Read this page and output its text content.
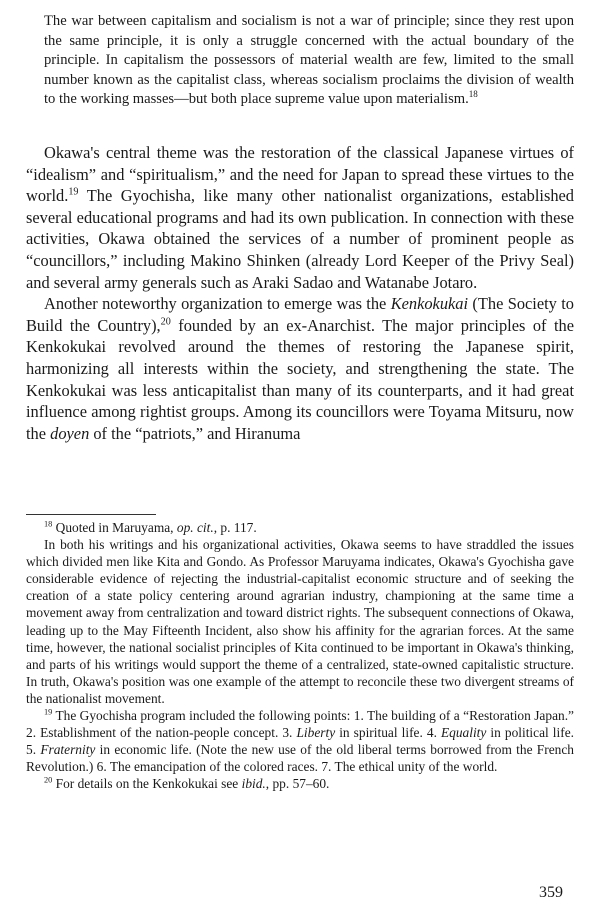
The war between capitalism and socialism is not a war of principle; since they rest upon the same principle, it is only a struggle concerned with the actual boundary of the principle. In capitalism the possessors of material wealth are few, limited to the small number known as the capitalist class, whereas socialism proclaims the division of wealth to the working masses—but both place supreme value upon materialism.$^{18}$

Okawa's central theme was the restoration of the classical Japanese virtues of “idealism” and “spiritualism,” and the need for Japan to spread these virtues to the world.$^{19}$ The Gyochisha, like many other nationalist organizations, established several educational programs and had its own publication. In connection with these activities, Okawa obtained the services of a number of prominent people as “councillors,” including Makino Shinken (already Lord Keeper of the Privy Seal) and several army generals such as Araki Sadao and Watanabe Jotaro.

Another noteworthy organization to emerge was the Kenkokukai (The Society to Build the Country),$^{20}$ founded by an ex-Anarchist. The major principles of the Kenkokukai revolved around the themes of restoring the Japanese spirit, harmonizing all interests within the society, and strengthening the state. The Kenkokukai was less anticapitalist than many of its counterparts, and it had great influence among rightist groups. Among its councillors were Toyama Mitsuru, now the doyen of the “patriots,” and Hiranuma

$^{18}$ Quoted in Maruyama, op. cit., p. 117.

In both his writings and his organizational activities, Okawa seems to have straddled the issues which divided men like Kita and Gondo. As Professor Maruyama indicates, Okawa's Gyochisha gave considerable evidence of rejecting the industrial-capitalist economic structure and of seeking the creation of a state policy centering around agrarian industry, championing at the same time a movement away from centralization and toward district rights. The subsequent connections of Okawa, leading up to the May Fifteenth Incident, also show his affinity for the agrarian forces. At the same time, however, the national socialist principles of Kita continued to be important in Okawa's thinking, and parts of his writings would support the theme of a centralized, state-owned capitalistic structure. In truth, Okawa's position was one example of the attempt to reconcile these two divergent streams of the nationalist movement.

$^{19}$ The Gyochisha program included the following points: 1. The building of a “Restoration Japan.” 2. Establishment of the nation-people concept. 3. Liberty in spiritual life. 4. Equality in political life. 5. Fraternity in economic life. (Note the new use of the old liberal terms borrowed from the French Revolution.) 6. The emancipation of the colored races. 7. The ethical unity of the world.

$^{20}$ For details on the Kenkokukai see ibid., pp. 57–60.

359
